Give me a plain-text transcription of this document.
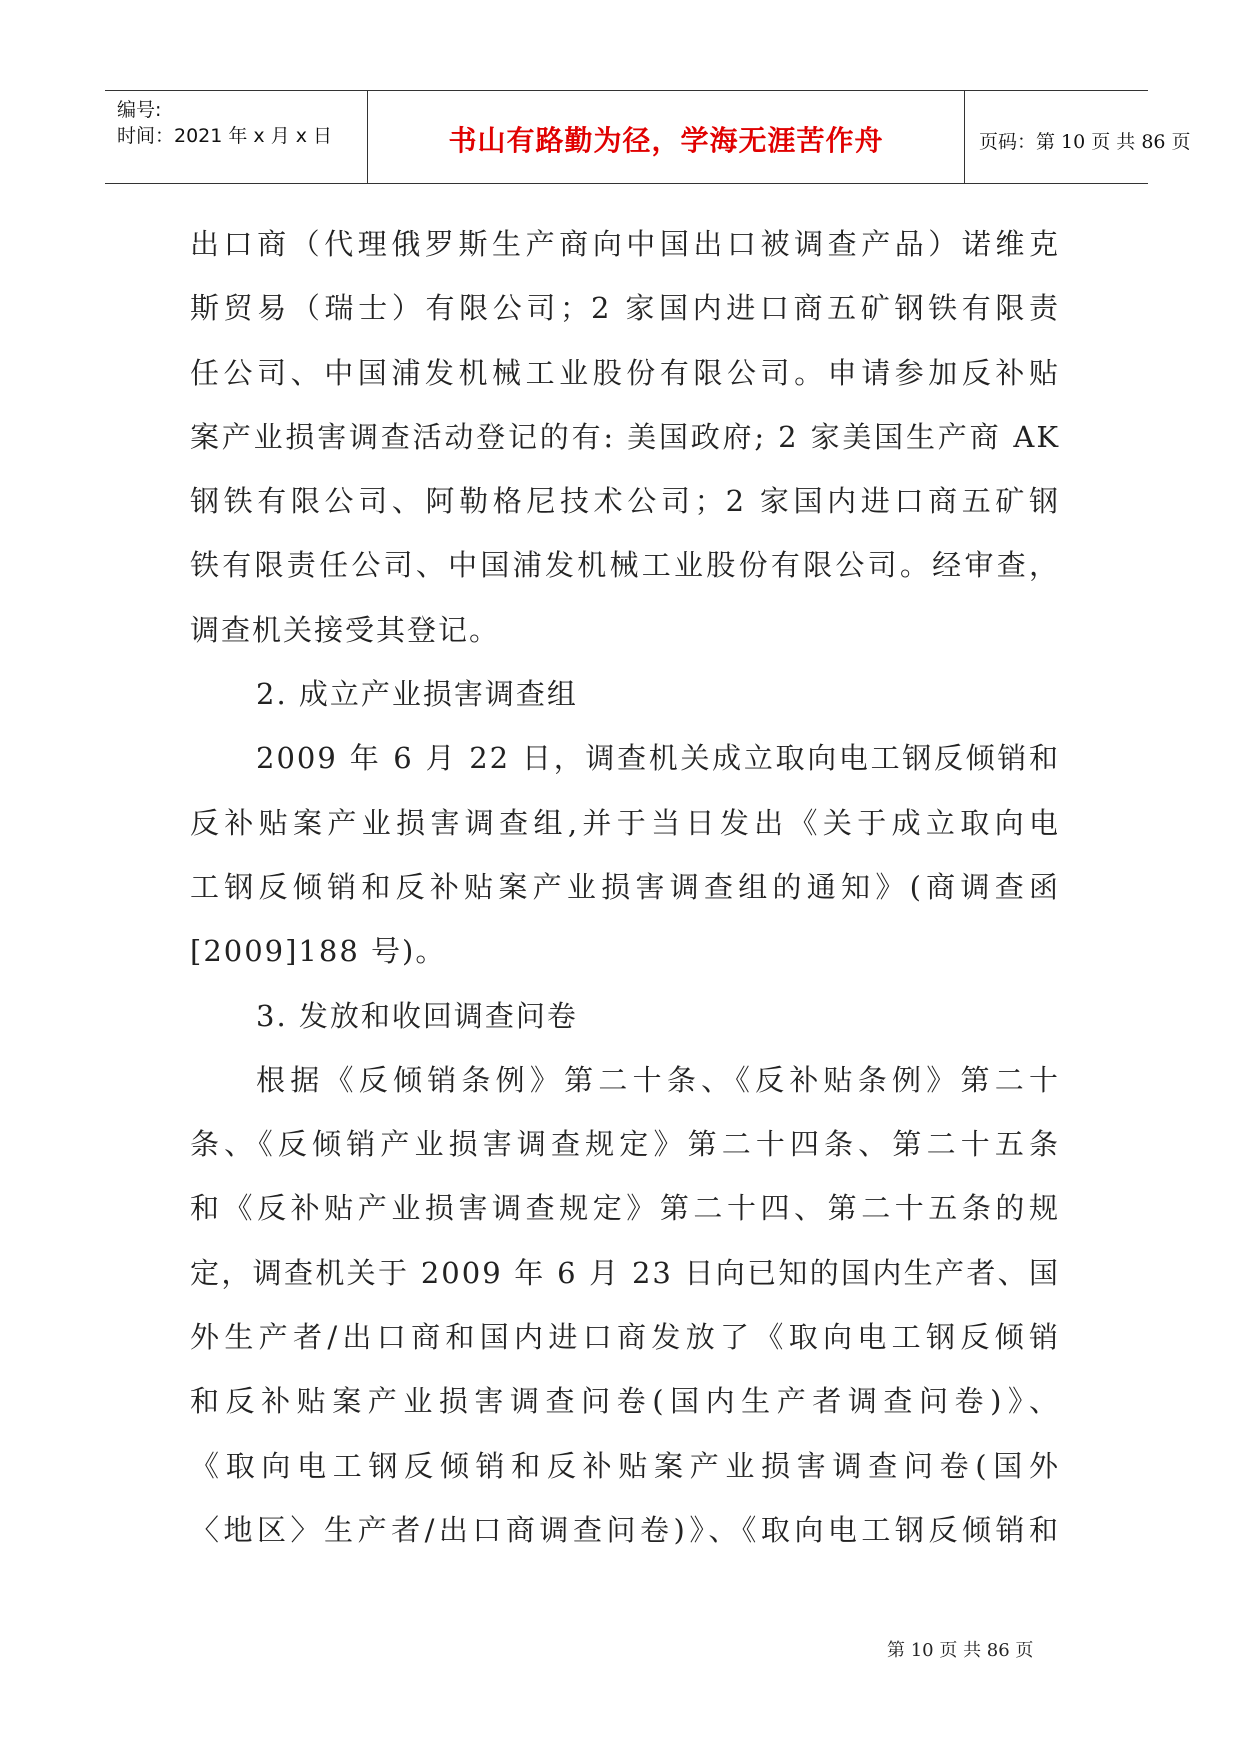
编号:
时间：2021 年 x 月 x 日	书山有路勤为径，学海无涯苦作舟	页码：第 10 页 共 86 页
出口商（代理俄罗斯生产商向中国出口被调查产品）诺维克
斯贸易（瑞士）有限公司；2 家国内进口商五矿钢铁有限责
任公司、中国浦发机械工业股份有限公司。申请参加反补贴
案产业损害调查活动登记的有: 美国政府; 2 家美国生产商 AK
钢铁有限公司、阿勒格尼技术公司；2 家国内进口商五矿钢
铁有限责任公司、中国浦发机械工业股份有限公司。经审查，
调查机关接受其登记。
2. 成立产业损害调查组
2009 年 6 月 22 日，调查机关成立取向电工钢反倾销和
反补贴案产业损害调查组,并于当日发出《关于成立取向电
工钢反倾销和反补贴案产业损害调查组的通知》(商调查函
[2009]188 号)。
3. 发放和收回调查问卷
根据《反倾销条例》第二十条、《反补贴条例》第二十
条、《反倾销产业损害调查规定》第二十四条、第二十五条
和《反补贴产业损害调查规定》第二十四、第二十五条的规
定，调查机关于 2009 年 6 月 23 日向已知的国内生产者、国
外生产者/出口商和国内进口商发放了《取向电工钢反倾销
和反补贴案产业损害调查问卷(国内生产者调查问卷)》、
《取向电工钢反倾销和反补贴案产业损害调查问卷(国外
〈地区〉生产者/出口商调查问卷)》、《取向电工钢反倾销和
第 10 页 共 86 页
